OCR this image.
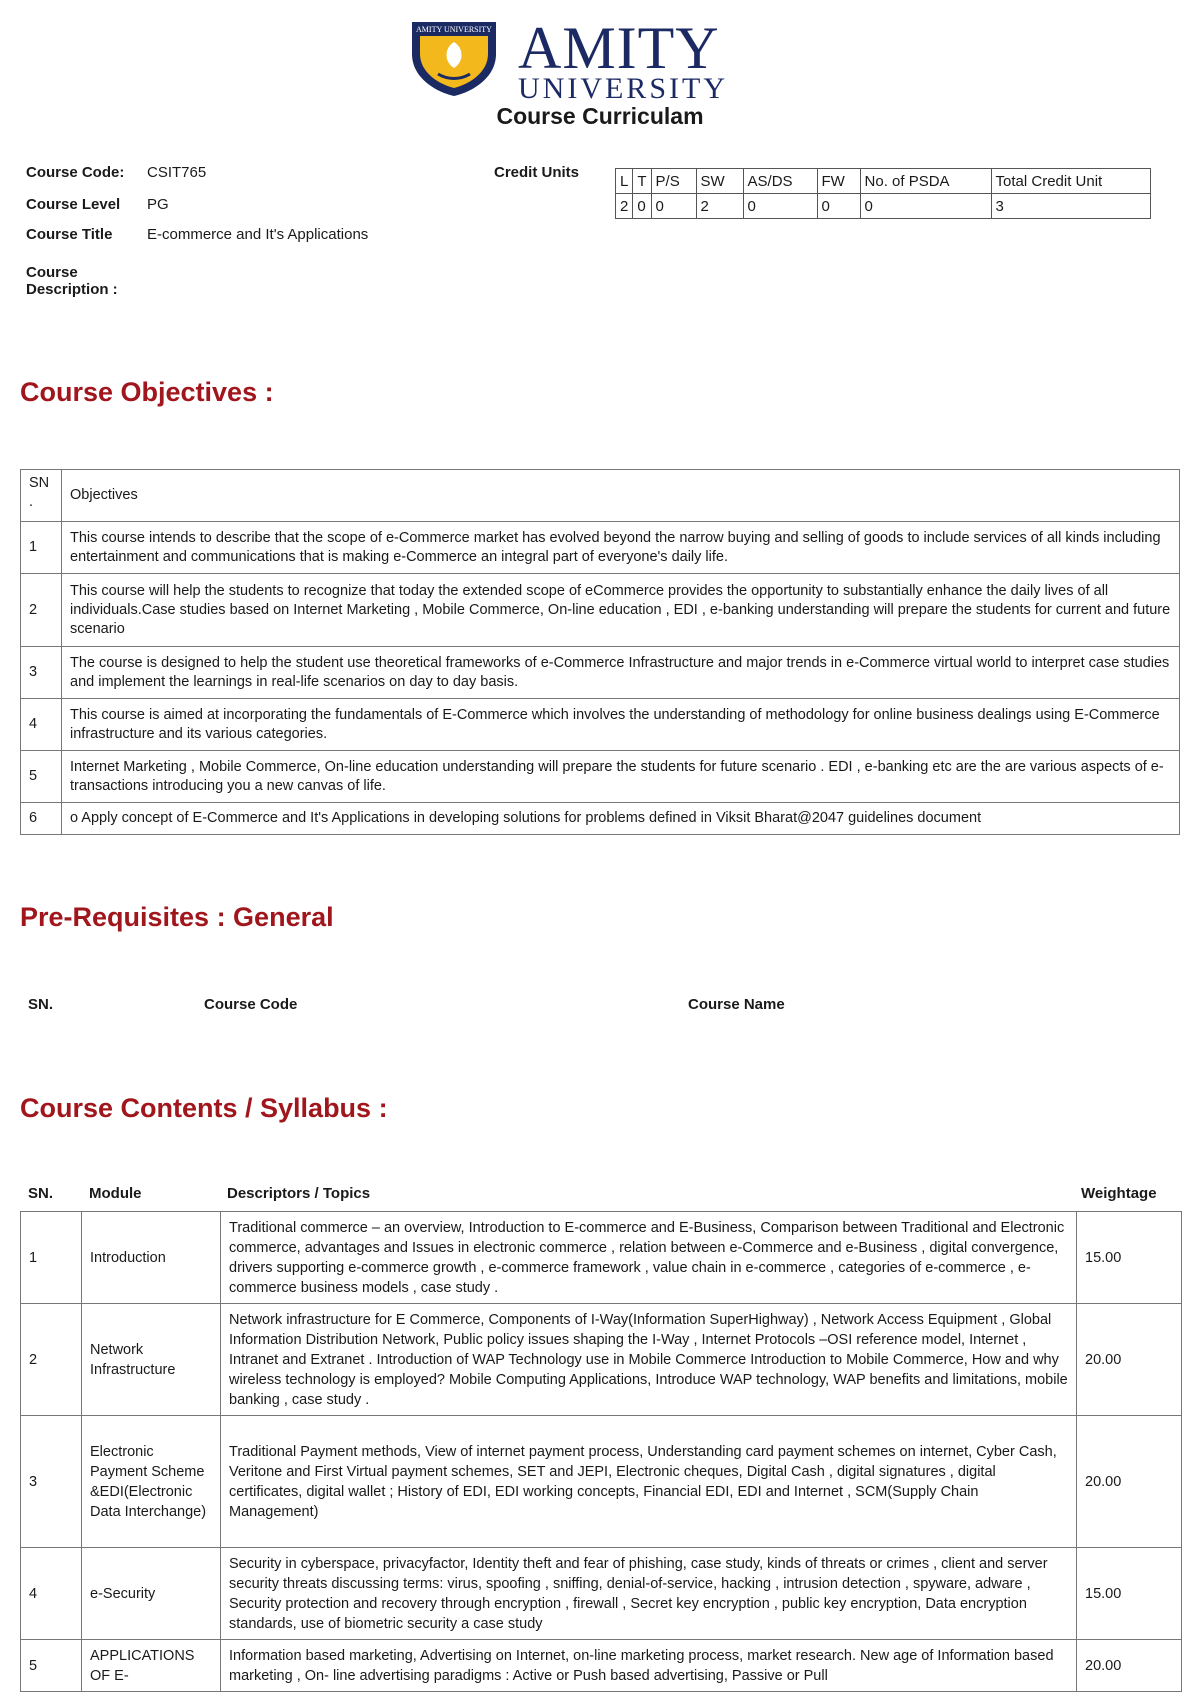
AMITY UNIVERSITY AMITY
UNIVERSITY
Course Curriculam
Course Code: CSIT765
Course Level PG
Course Title E-commerce and It's Applications
Course
Description :
Credit Units	L	T	P/S	SW	AS/DS	FW	No. of PSDA	Total Credit Unit
2	0	0	2	0	0	0	3
Course Objectives :
SN
.	Objectives
1	This course intends to describe that the scope of e-Commerce market has evolved beyond the narrow buying and selling of goods to include services of all kinds including entertainment and communications that is making e-Commerce an integral part of everyone's daily life.
2	This course will help the students to recognize that today the extended scope of eCommerce provides the opportunity to substantially enhance the daily lives of all individuals.Case studies based on Internet Marketing , Mobile Commerce, On-line education , EDI , e-banking understanding will prepare the students for current and future scenario
3	The course is designed to help the student use theoretical frameworks of e-Commerce Infrastructure and major trends in e-Commerce virtual world to interpret case studies and implement the learnings in real-life scenarios on day to day basis.
4	This course is aimed at incorporating the fundamentals of E-Commerce which involves the understanding of methodology for online business dealings using E-Commerce infrastructure and its various categories.
5	Internet Marketing , Mobile Commerce, On-line education understanding will prepare the students for future scenario . EDI , e-banking etc are the are various aspects of e-transactions introducing you a new canvas of life.
6	o Apply concept of E-Commerce and It's Applications in developing solutions for problems defined in Viksit Bharat@2047 guidelines document
Pre-Requisites : General
SN.	Course Code	Course Name
Course Contents / Syllabus :
SN. Module	Descriptors / Topics	Weightage
1	Introduction	Traditional commerce – an overview, Introduction to E-commerce and E-Business, Comparison between Traditional and Electronic commerce, advantages and Issues in electronic commerce , relation between e-Commerce and e-Business , digital convergence, drivers supporting e-commerce growth , e-commerce framework , value chain in e-commerce , categories of e-commerce , e-commerce business models , case study .	15.00
2	Network Infrastructure	Network infrastructure for E Commerce, Components of I-Way(Information SuperHighway) , Network Access Equipment , Global Information Distribution Network, Public policy issues shaping the I-Way , Internet Protocols –OSI reference model, Internet , Intranet and Extranet . Introduction of WAP Technology use in Mobile Commerce Introduction to Mobile Commerce, How and why wireless technology is employed? Mobile Computing Applications, Introduce WAP technology, WAP benefits and limitations, mobile banking , case study .	20.00
3	Electronic Payment Scheme &EDI(Electronic Data Interchange)	Traditional Payment methods, View of internet payment process, Understanding card payment schemes on internet, Cyber Cash, Veritone and First Virtual payment schemes, SET and JEPI, Electronic cheques, Digital Cash , digital signatures , digital certificates, digital wallet ; History of EDI, EDI working concepts, Financial EDI, EDI and Internet , SCM(Supply Chain Management)	20.00
4	e-Security	Security in cyberspace, privacyfactor, Identity theft and fear of phishing, case study, kinds of threats or crimes , client and server security threats discussing terms: virus, spoofing , sniffing, denial-of-service, hacking , intrusion detection , spyware, adware , Security protection and recovery through encryption , firewall , Secret key encryption , public key encryption, Data encryption standards, use of biometric security a case study	15.00
5	APPLICATIONS OF E-	Information based marketing, Advertising on Internet, on-line marketing process, market research. New age of Information based marketing , On- line advertising paradigms : Active or Push based advertising, Passive or Pull	20.00
